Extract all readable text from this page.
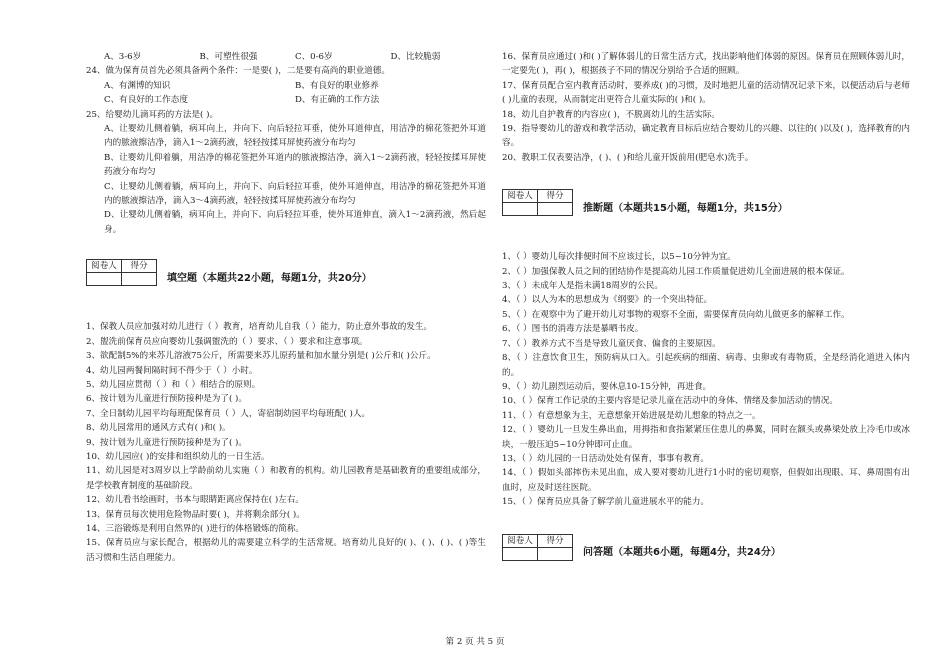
A、3-6岁	B、可塑性很强	C、0-6岁	D、比较脆弱

24、做为保育员首先必须具备两个条件：一是要( )，二是要有高尚的职业道德。

A、有渊博的知识	B、有良好的职业修养
C、有良好的工作态度	D、有正确的工作方法

25、给婴幼儿滴耳药的方法是( )。

A、让婴幼儿侧着躺，病耳向上，并向下、向后轻拉耳垂，使外耳道伸直，用洁净的棉花签把外耳道内的脓液擦洁净，滴入1～2滴药液，轻轻按揉耳屏使药液分布均匀

B、让婴幼儿仰着躺，用洁净的棉花签把外耳道内的脓液擦洁净，滴入1～2滴药液，轻轻按揉耳屏使药液分布均匀

C、让婴幼儿侧着躺，病耳向上，并向下、向后轻拉耳垂，使外耳道伸直，用洁净的棉花签把外耳道内的脓液擦洁净，滴入3～4滴药液，轻轻按揉耳屏使药液分布均匀

D、让婴幼儿侧着躺，病耳向上，并向下、向后轻拉耳垂，使外耳道伸直，滴入1～2滴药液，然后起身。

阅卷人	得分

填空题（本题共22小题，每题1分，共20分）

1、保教人员应加强对幼儿进行（ ）教育，培育幼儿自我（ ）能力，防止意外事故的发生。

2、盥洗前保育员应向婴幼儿强调盥洗的（ ）要求、（ ）要求和注意事项。

3、欲配制5%的来苏儿溶液75公斤，所需要来苏儿原药量和加水量分别是( )公斤和( )公斤。

4、幼儿园两餐间隔时间不得少于（ ）小时。

5、幼儿园应贯彻（ ）和（ ）相结合的原则。

6、按计划为儿童进行预防接种是为了( )。

7、全日制幼儿园平均每班配保育员（ ）人，寄宿制幼园平均每班配( )人。

8、幼儿园常用的通风方式有( )和( )。

9、按计划为儿童进行预防接种是为了( )。

10、幼儿园应( )的安排和组织幼儿的一日生活。

11、幼儿园是对3周岁以上学龄前幼儿实施（ ）和教育的机构。幼儿园教育是基础教育的重要组成部分，是学校教育制度的基础阶段。

12、幼儿看书绘画时，书本与眼睛距离应保持在( )左右。

13、保育员每次使用危险物品时要( )，并将剩余部分( )。

14、三浴锻炼是利用自然界的( )进行的体格锻炼的简称。

15、保育员应与家长配合，根据幼儿的需要建立科学的生活常规。培育幼儿良好的( )、( )、( )、( )等生活习惯和生活自理能力。

16、保育员应通过( )和( )了解体弱儿的日常生活方式，找出影响他们体弱的原因。保育员在照顾体弱儿时，一定要先( )，再( )，根据孩子不同的情况分别给予合适的照顾。

17、保育员配合室内教育活动时，要养成( )的习惯，及时地把儿童的活动情况记录下来，以便活动后与老师( )儿童的表现，从而制定出更符合儿童实际的( )和( )。

18、幼儿自护教育的内容应( )，不脱离幼儿的生活实际。

19、指导婴幼儿的游戏和教学活动，确定教育目标后应结合婴幼儿的兴趣、以往的( )以及( )，选择教育的内容。

20、教职工仅表要洁净，( )、( )和给儿童开饭前用(肥皂水)洗手。

阅卷人	得分

推断题（本题共15小题，每题1分，共15分）

1、（ ）婴幼儿每次排便时间不应该过长，以5~10分钟为宜。

2、（ ）加强保教人员之间的团结协作是提高幼儿园工作质量促进幼儿全面进展的根本保证。

3、（ ）未成年人是指未满18周岁的公民。

4、（ ）以人为本的思想成为《纲要》的一个突出特征。

5、（ ）在观察中为了避开幼儿对事物的观察不全面，需要保育员向幼儿做更多的解释工作。

6、（ ）图书的消毒方法是暴晒书皮。

7、（ ）教养方式不当是导致儿童厌食、偏食的主要原因。

8、（ ）注意饮食卫生，预防病从口入。引起疾病的细菌、病毒、虫卵或有毒物质，全是经消化道进入体内的。

9、（ ）幼儿剧烈运动后，要休息10-15分钟，再进食。

10、（ ）保育工作记录的主要内容是记录儿童在活动中的身体、情绪及参加活动的情况。

11、（ ）有意想象为主，无意想象开始进展是幼儿想象的特点之一。

12、（ ）婴幼儿一旦发生鼻出血，用拇指和食指紧紧压住患儿的鼻翼，同时在额头或鼻梁处放上冷毛巾或冰块，一般压迫5~10分钟即可止血。

13、（ ）幼儿园的一日活动处处有保育，事事有教育。

14、（ ）假如头部摔伤未见出血，成人要对婴幼儿进行1小时的密切观察，但假如出现眼、耳、鼻周围有出血时，应及时送往医院。

15、（ ）保育员应具备了解学前儿童进展水平的能力。

阅卷人	得分

问答题（本题共6小题，每题4分，共24分）
第 2 页 共 5 页
